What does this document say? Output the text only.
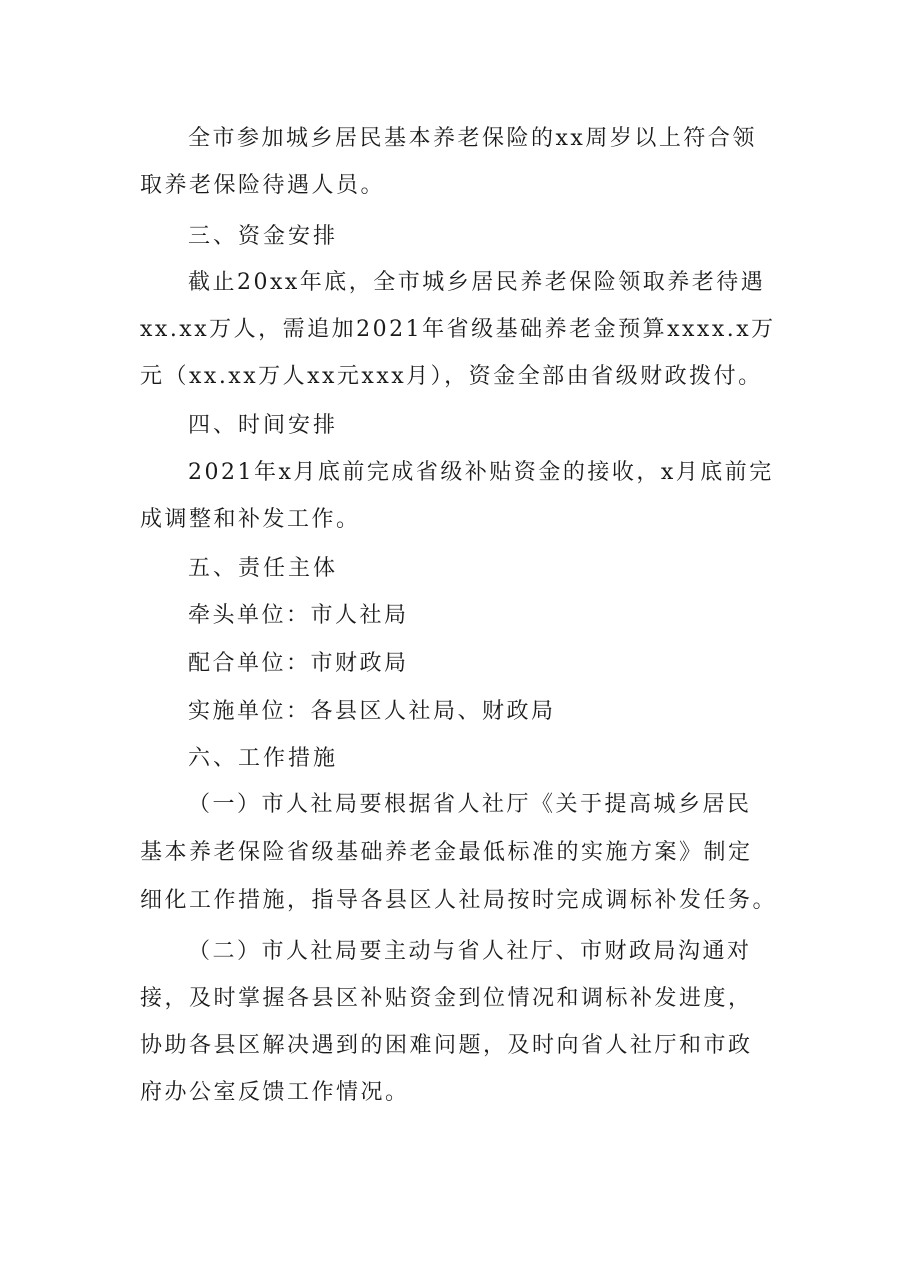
全市参加城乡居民基本养老保险的xx周岁以上符合领

取养老保险待遇人员。

三、资金安排

截止20xx年底，全市城乡居民养老保险领取养老待遇

xx.xx万人，需追加2021年省级基础养老金预算xxxx.x万

元（xx.xx万人xx元xxx月），资金全部由省级财政拨付。

四、时间安排

2021年x月底前完成省级补贴资金的接收，x月底前完

成调整和补发工作。

五、责任主体

牵头单位：市人社局

配合单位：市财政局

实施单位：各县区人社局、财政局

六、工作措施

（一）市人社局要根据省人社厅《关于提高城乡居民

基本养老保险省级基础养老金最低标准的实施方案》制定

细化工作措施，指导各县区人社局按时完成调标补发任务。

（二）市人社局要主动与省人社厅、市财政局沟通对

接，及时掌握各县区补贴资金到位情况和调标补发进度，

协助各县区解决遇到的困难问题，及时向省人社厅和市政

府办公室反馈工作情况。
